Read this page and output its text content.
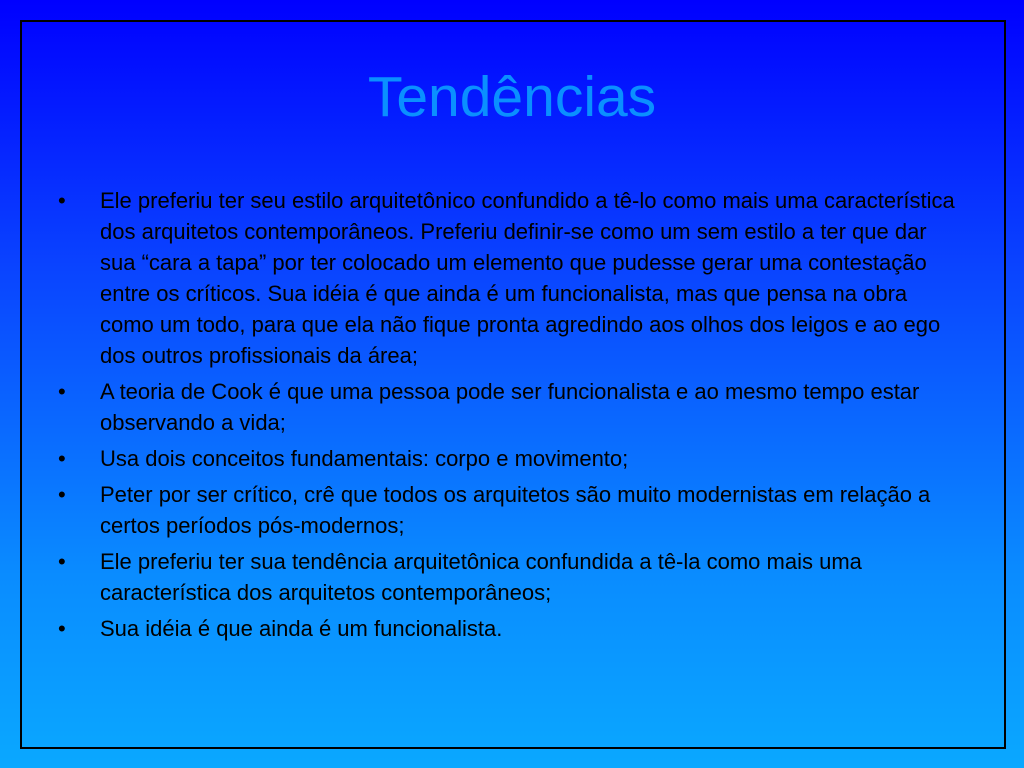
Tendências
•	Ele preferiu ter seu estilo arquitetônico confundido a tê-lo como mais uma característica dos arquitetos contemporâneos. Preferiu definir-se como um sem estilo a ter que dar sua “cara a tapa” por ter colocado um elemento que pudesse gerar uma contestação entre os críticos. Sua idéia é que ainda é um funcionalista, mas que pensa na obra como um todo, para que ela não fique pronta agredindo aos olhos dos leigos e ao ego dos outros profissionais da área;
•	A teoria de Cook é que uma pessoa pode ser funcionalista e ao mesmo tempo estar observando a vida;
•	Usa dois conceitos fundamentais: corpo e movimento;
•	Peter por ser crítico, crê que todos os arquitetos são muito modernistas em relação a certos períodos pós-modernos;
•	Ele preferiu ter sua tendência arquitetônica confundida a tê-la como mais uma característica dos arquitetos contemporâneos;
•	Sua idéia é que ainda é um funcionalista.
